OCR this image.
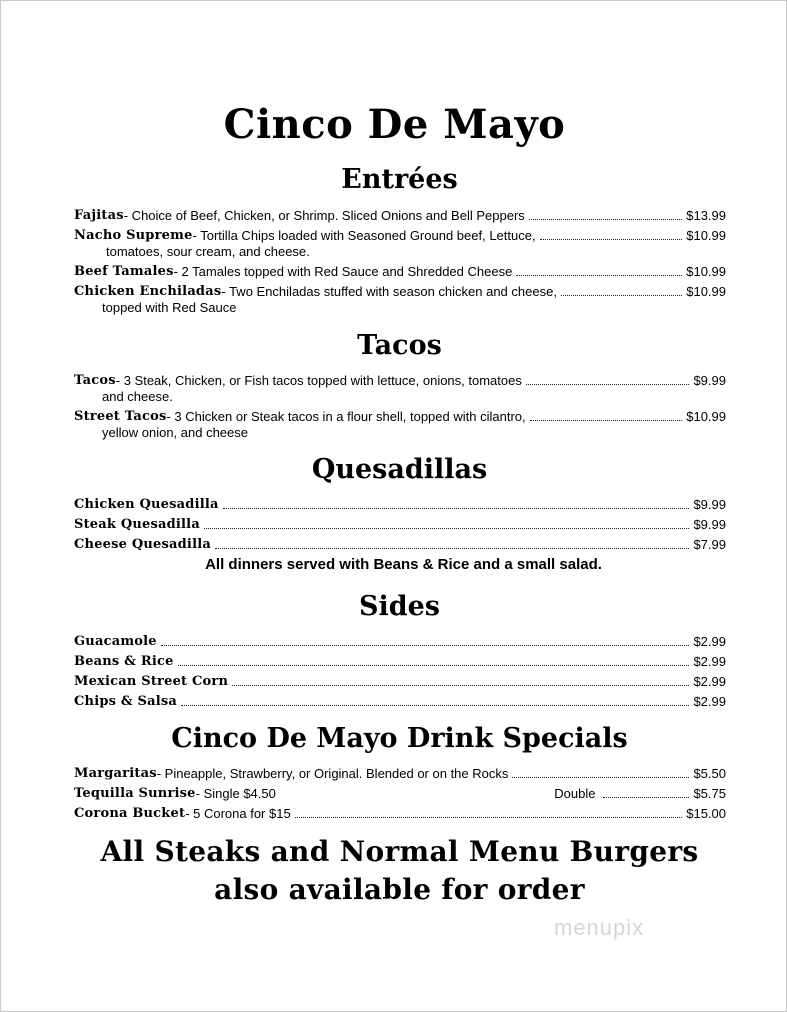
Cinco De Mayo
Entrées
Fajitas - Choice of Beef, Chicken, or Shrimp. Sliced Onions and Bell Peppers	$13.99
Nacho Supreme - Tortilla Chips loaded with Seasoned Ground beef, Lettuce,	$10.99
tomatoes, sour cream, and cheese.
Beef Tamales - 2 Tamales topped with Red Sauce and Shredded Cheese	$10.99
Chicken Enchiladas - Two Enchiladas stuffed with season chicken and cheese,	$10.99
topped with Red Sauce
Tacos
Tacos - 3 Steak, Chicken, or Fish tacos topped with lettuce, onions, tomatoes	$9.99
and cheese.
Street Tacos - 3 Chicken or Steak tacos in a flour shell, topped with cilantro,	$10.99
yellow onion, and cheese
Quesadillas
Chicken Quesadilla	$9.99
Steak Quesadilla	$9.99
Cheese Quesadilla	$7.99
All dinners served with Beans & Rice and a small salad.
Sides
Guacamole	$2.99
Beans & Rice	$2.99
Mexican Street Corn	$2.99
Chips & Salsa	$2.99
Cinco De Mayo Drink Specials
Margaritas - Pineapple, Strawberry, or Original. Blended or on the Rocks	$5.50
Tequilla Sunrise - Single $4.50	Double	$5.75
Corona Bucket - 5 Corona for $15	$15.00
All Steaks and Normal Menu Burgers
also available for order
menupix
